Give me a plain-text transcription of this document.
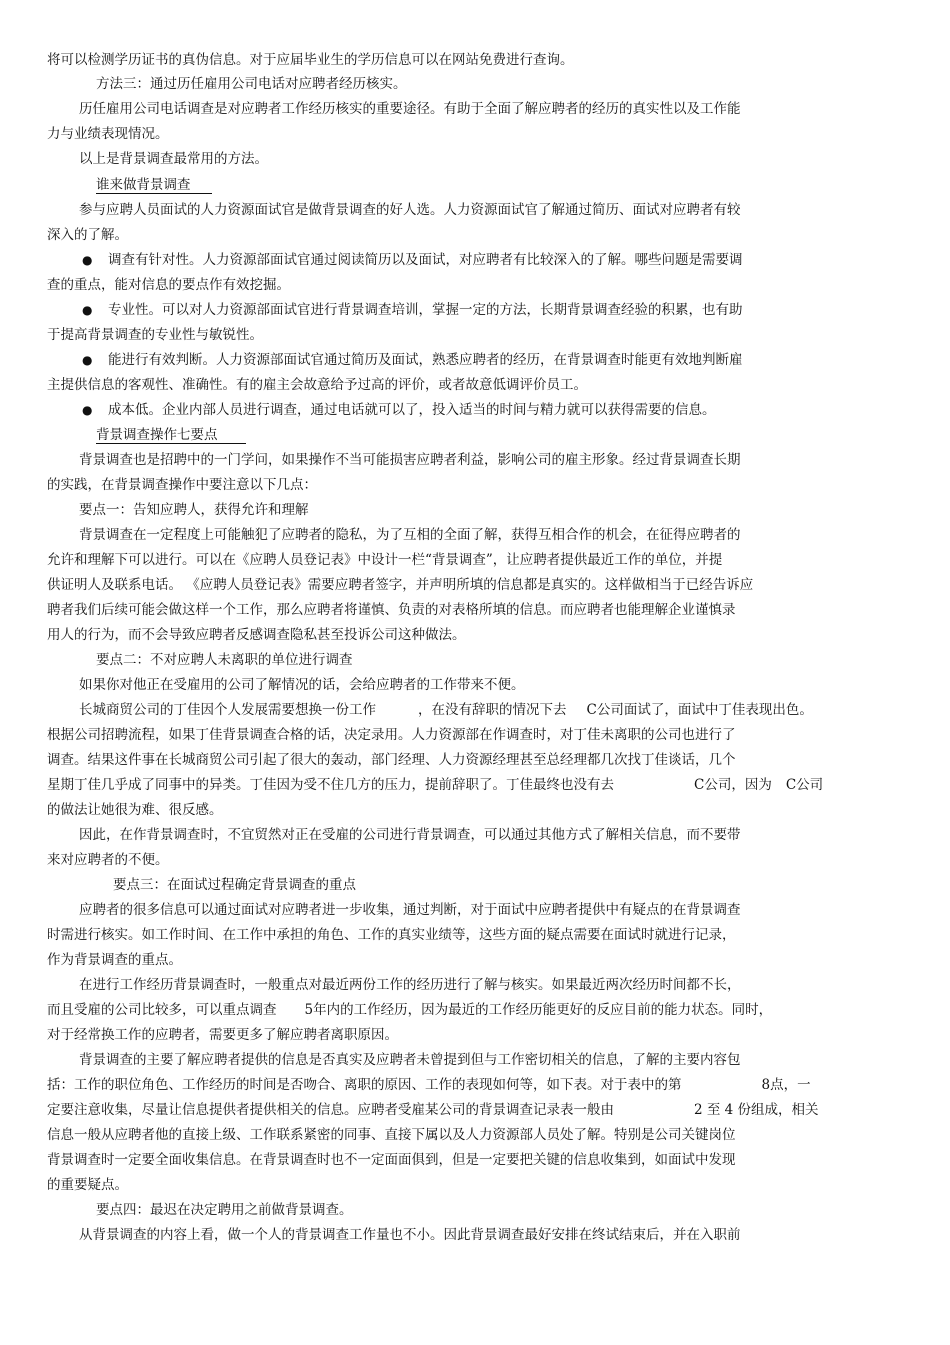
将可以检测学历证书的真伪信息。对于应届毕业生的学历信息可以在网站免费进行查询。
方法三：通过历任雇用公司电话对应聘者经历核实。
历任雇用公司电话调查是对应聘者工作经历核实的重要途径。有助于全面了解应聘者的经历的真实性以及工作能
力与业绩表现情况。
以上是背景调查最常用的方法。
谁来做背景调查
参与应聘人员面试的人力资源面试官是做背景调查的好人选。人力资源面试官了解通过简历、面试对应聘者有较
深入的了解。
● 调查有针对性。人力资源部面试官通过阅读简历以及面试，对应聘者有比较深入的了解。哪些问题是需要调
查的重点，能对信息的要点作有效挖掘。
● 专业性。可以对人力资源部面试官进行背景调查培训，掌握一定的方法，长期背景调查经验的积累，也有助
于提高背景调查的专业性与敏锐性。
● 能进行有效判断。人力资源部面试官通过简历及面试，熟悉应聘者的经历，在背景调查时能更有效地判断雇
主提供信息的客观性、准确性。有的雇主会故意给予过高的评价，或者故意低调评价员工。
● 成本低。企业内部人员进行调查，通过电话就可以了，投入适当的时间与精力就可以获得需要的信息。
背景调查操作七要点
背景调查也是招聘中的一门学问，如果操作不当可能损害应聘者利益，影响公司的雇主形象。经过背景调查长期
的实践，在背景调查操作中要注意以下几点：
要点一：告知应聘人，获得允许和理解
背景调查在一定程度上可能触犯了应聘者的隐私，为了互相的全面了解，获得互相合作的机会，在征得应聘者的
允许和理解下可以进行。可以在《应聘人员登记表》中设计一栏“背景调查”，让应聘者提供最近工作的单位，并提
供证明人及联系电话。 《应聘人员登记表》需要应聘者签字，并声明所填的信息都是真实的。这样做相当于已经告诉应
聘者我们后续可能会做这样一个工作，那么应聘者将谨慎、负责的对表格所填的信息。而应聘者也能理解企业谨慎录
用人的行为，而不会导致应聘者反感调查隐私甚至投诉公司这种做法。
要点二：不对应聘人未离职的单位进行调查
如果你对他正在受雇用的公司了解情况的话，会给应聘者的工作带来不便。
长城商贸公司的丁佳因个人发展需要想换一份工作	，在没有辞职的情况下去 C公司面试了，面试中丁佳表现出色。
根据公司招聘流程，如果丁佳背景调查合格的话，决定录用。人力资源部在作调查时，对丁佳未离职的公司也进行了
调查。结果这件事在长城商贸公司引起了很大的轰动，部门经理、人力资源经理甚至总经理都几次找丁佳谈话，几个
星期丁佳几乎成了同事中的异类。丁佳因为受不住几方的压力，提前辞职了。丁佳最终也没有去	C公司，因为 C公司
的做法让她很为难、很反感。
因此，在作背景调查时，不宜贸然对正在受雇的公司进行背景调查，可以通过其他方式了解相关信息，而不要带
来对应聘者的不便。
要点三：在面试过程确定背景调查的重点
应聘者的很多信息可以通过面试对应聘者进一步收集，通过判断，对于面试中应聘者提供中有疑点的在背景调查
时需进行核实。如工作时间、在工作中承担的角色、工作的真实业绩等，这些方面的疑点需要在面试时就进行记录，
作为背景调查的重点。
在进行工作经历背景调查时，一般重点对最近两份工作的经历进行了解与核实。如果最近两次经历时间都不长，
而且受雇的公司比较多，可以重点调查 5年内的工作经历，因为最近的工作经历能更好的反应目前的能力状态。同时，
对于经常换工作的应聘者，需要更多了解应聘者离职原因。
背景调查的主要了解应聘者提供的信息是否真实及应聘者未曾提到但与工作密切相关的信息，了解的主要内容包
括：工作的职位角色、工作经历的时间是否吻合、离职的原因、工作的表现如何等，如下表。对于表中的第	8点，一
定要注意收集，尽量让信息提供者提供相关的信息。应聘者受雇某公司的背景调查记录表一般由	2 至 4 份组成，相关
信息一般从应聘者他的直接上级、工作联系紧密的同事、直接下属以及人力资源部人员处了解。特别是公司关键岗位
背景调查时一定要全面收集信息。在背景调查时也不一定面面俱到，但是一定要把关键的信息收集到，如面试中发现
的重要疑点。
要点四：最迟在决定聘用之前做背景调查。
从背景调查的内容上看，做一个人的背景调查工作量也不小。因此背景调查最好安排在终试结束后，并在入职前
